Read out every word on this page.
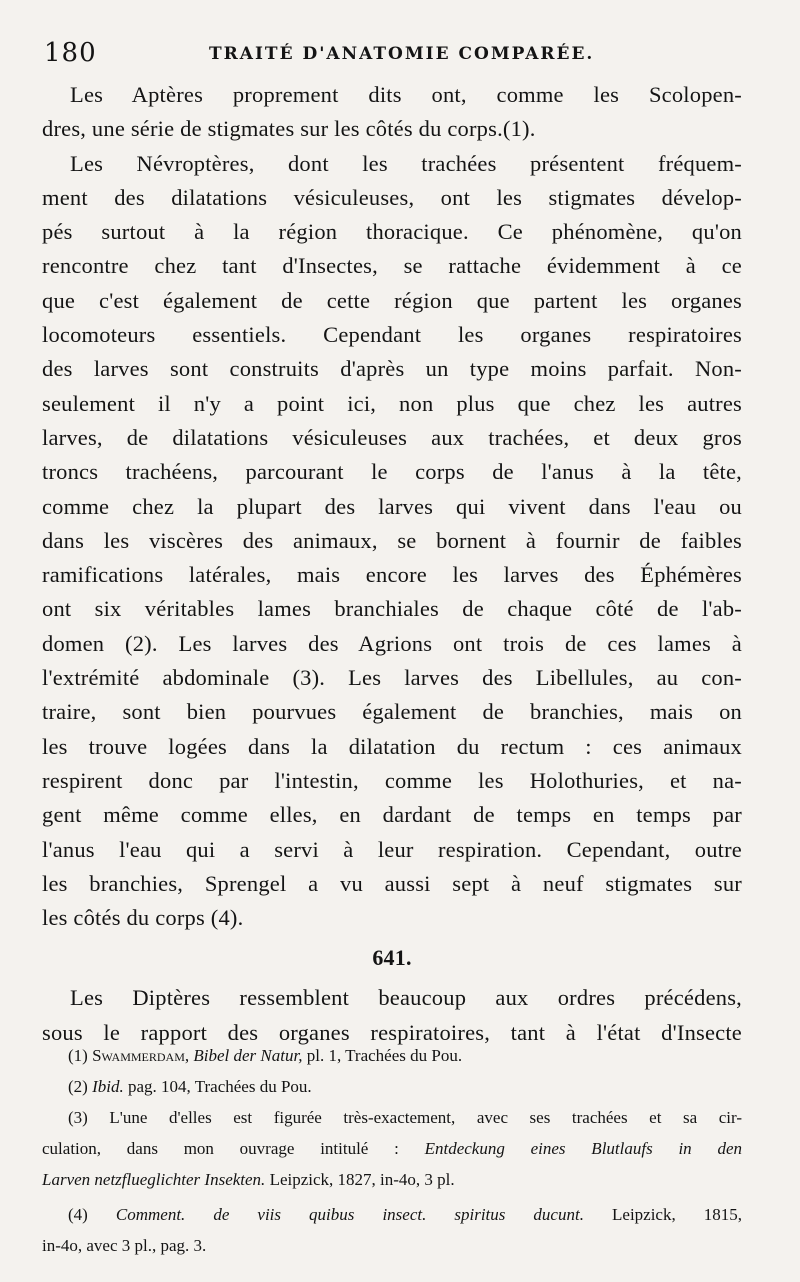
180	TRAITÉ D'ANATOMIE COMPARÉE.
Les Aptères proprement dits ont, comme les Scolopen-
dres, une série de stigmates sur les côtés du corps.(1).
Les Névroptères, dont les trachées présentent fréquem-
ment des dilatations vésiculeuses, ont les stigmates dévelop-
pés surtout à la région thoracique. Ce phénomène, qu'on
rencontre chez tant d'Insectes, se rattache évidemment à ce
que c'est également de cette région que partent les organes
locomoteurs essentiels. Cependant les organes respiratoires
des larves sont construits d'après un type moins parfait. Non-
seulement il n'y a point ici, non plus que chez les autres
larves, de dilatations vésiculeuses aux trachées, et deux gros
troncs trachéens, parcourant le corps de l'anus à la tête,
comme chez la plupart des larves qui vivent dans l'eau ou
dans les viscères des animaux, se bornent à fournir de faibles
ramifications latérales, mais encore les larves des Éphémères
ont six véritables lames branchiales de chaque côté de l'ab-
domen (2). Les larves des Agrions ont trois de ces lames à
l'extrémité abdominale (3). Les larves des Libellules, au con-
traire, sont bien pourvues également de branchies, mais on
les trouve logées dans la dilatation du rectum : ces animaux
respirent donc par l'intestin, comme les Holothuries, et na-
gent même comme elles, en dardant de temps en temps par
l'anus l'eau qui a servi à leur respiration. Cependant, outre
les branchies, Sprengel a vu aussi sept à neuf stigmates sur
les côtés du corps (4).
641.
Les Diptères ressemblent beaucoup aux ordres précédens,
sous le rapport des organes respiratoires, tant à l'état d'Insecte
(1) Swammerdam, Bibel der Natur, pl. 1, Trachées du Pou.
(2) Ibid. pag. 104, Trachées du Pou.
(3) L'une d'elles est figurée très-exactement, avec ses trachées et sa cir-
culation, dans mon ouvrage intitulé : Entdeckung eines Blutlaufs in den
Larven netzflueglichter Insekten. Leipzick, 1827, in-4o, 3 pl.
(4) Comment. de viis quibus insect. spiritus ducunt. Leipzick, 1815,
in-4o, avec 3 pl., pag. 3.
